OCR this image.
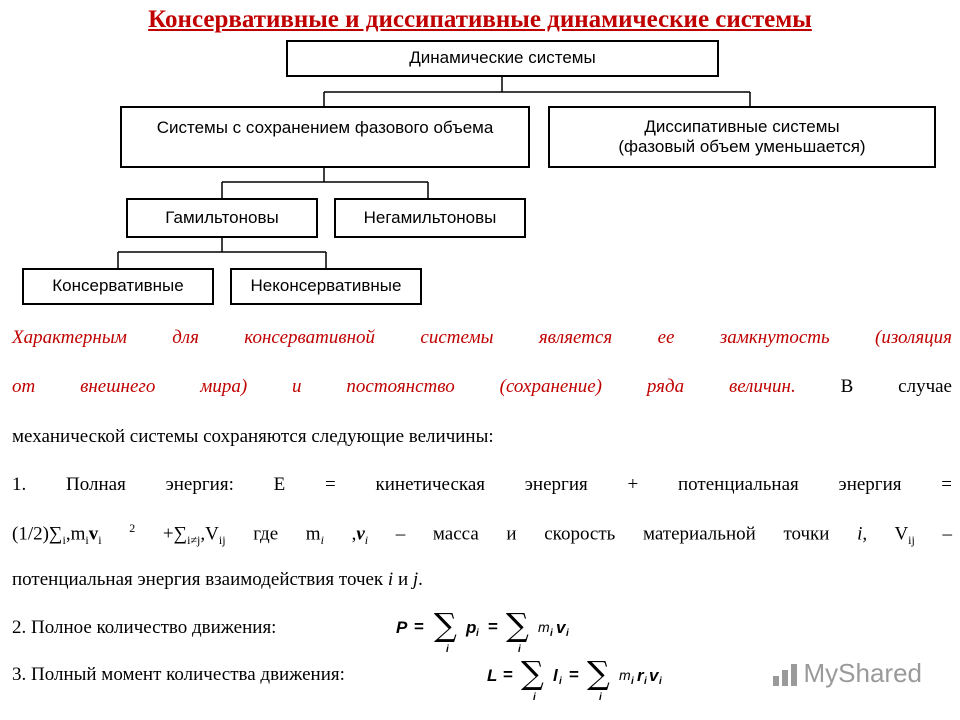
Консервативные и диссипативные динамические системы
Динамические системы
Системы с сохранением фазового объема	Диссипативные системы
(фазовый объем уменьшается)
Гамильтоновы	Негамильтоновы
Консервативные	Неконсервативные
Характерным для консервативной системы является ее замкнутость (изоляция
от внешнего мира) и постоянство (сохранение) ряда величин. В случае
механической системы сохраняются следующие величины:
1. Полная энергия: E = кинетическая энергия + потенциальная энергия =
$(1/2)\sum_i,m_iv_i$ $^2 +\sum_{i\ne j},V_{ij}$ где $m_i$ $,v_i$ – масса и скорость материальной точки i, $V_{ij}$ –
потенциальная энергия взаимодействия точек i и j.
2. Полное количество движения:	P = ∑
i
p i = ∑
i
m i v i
3. Полный момент количества движения:	L = ∑
i
l i = ∑
i
m i r i v i	MyShared
